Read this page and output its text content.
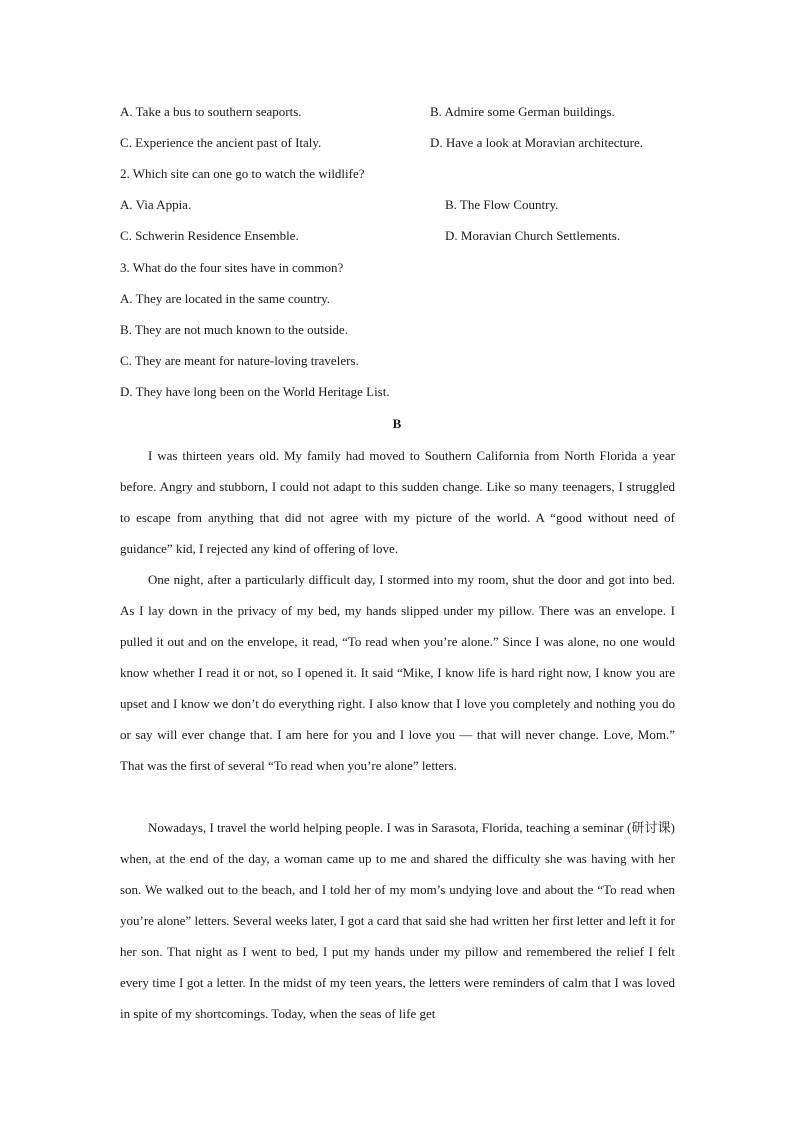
A. Take a bus to southern seaports.	B. Admire some German buildings.
C. Experience the ancient past of Italy.	D. Have a look at Moravian architecture.
2. Which site can one go to watch the wildlife?
A. Via Appia.	B. The Flow Country.
C. Schwerin Residence Ensemble.	D. Moravian Church Settlements.
3. What do the four sites have in common?
A. They are located in the same country.
B. They are not much known to the outside.
C. They are meant for nature-loving travelers.
D. They have long been on the World Heritage List.
B

I was thirteen years old. My family had moved to Southern California from North Florida a year before. Angry and stubborn, I could not adapt to this sudden change. Like so many teenagers, I struggled to escape from anything that did not agree with my picture of the world. A “good without need of guidance” kid, I rejected any kind of offering of love.

One night, after a particularly difficult day, I stormed into my room, shut the door and got into bed. As I lay down in the privacy of my bed, my hands slipped under my pillow. There was an envelope. I pulled it out and on the envelope, it read, “To read when you’re alone.” Since I was alone, no one would know whether I read it or not, so I opened it. It said “Mike, I know life is hard right now, I know you are upset and I know we don’t do everything right. I also know that I love you completely and nothing you do or say will ever change that. I am here for you and I love you — that will never change. Love, Mom.” That was the first of several “To read when you’re alone” letters.

Nowadays, I travel the world helping people. I was in Sarasota, Florida, teaching a seminar (研讨课) when, at the end of the day, a woman came up to me and shared the difficulty she was having with her son. We walked out to the beach, and I told her of my mom’s undying love and about the “To read when you’re alone” letters. Several weeks later, I got a card that said she had written her first letter and left it for her son. That night as I went to bed, I put my hands under my pillow and remembered the relief I felt every time I got a letter. In the midst of my teen years, the letters were reminders of calm that I was loved in spite of my shortcomings. Today, when the seas of life get
